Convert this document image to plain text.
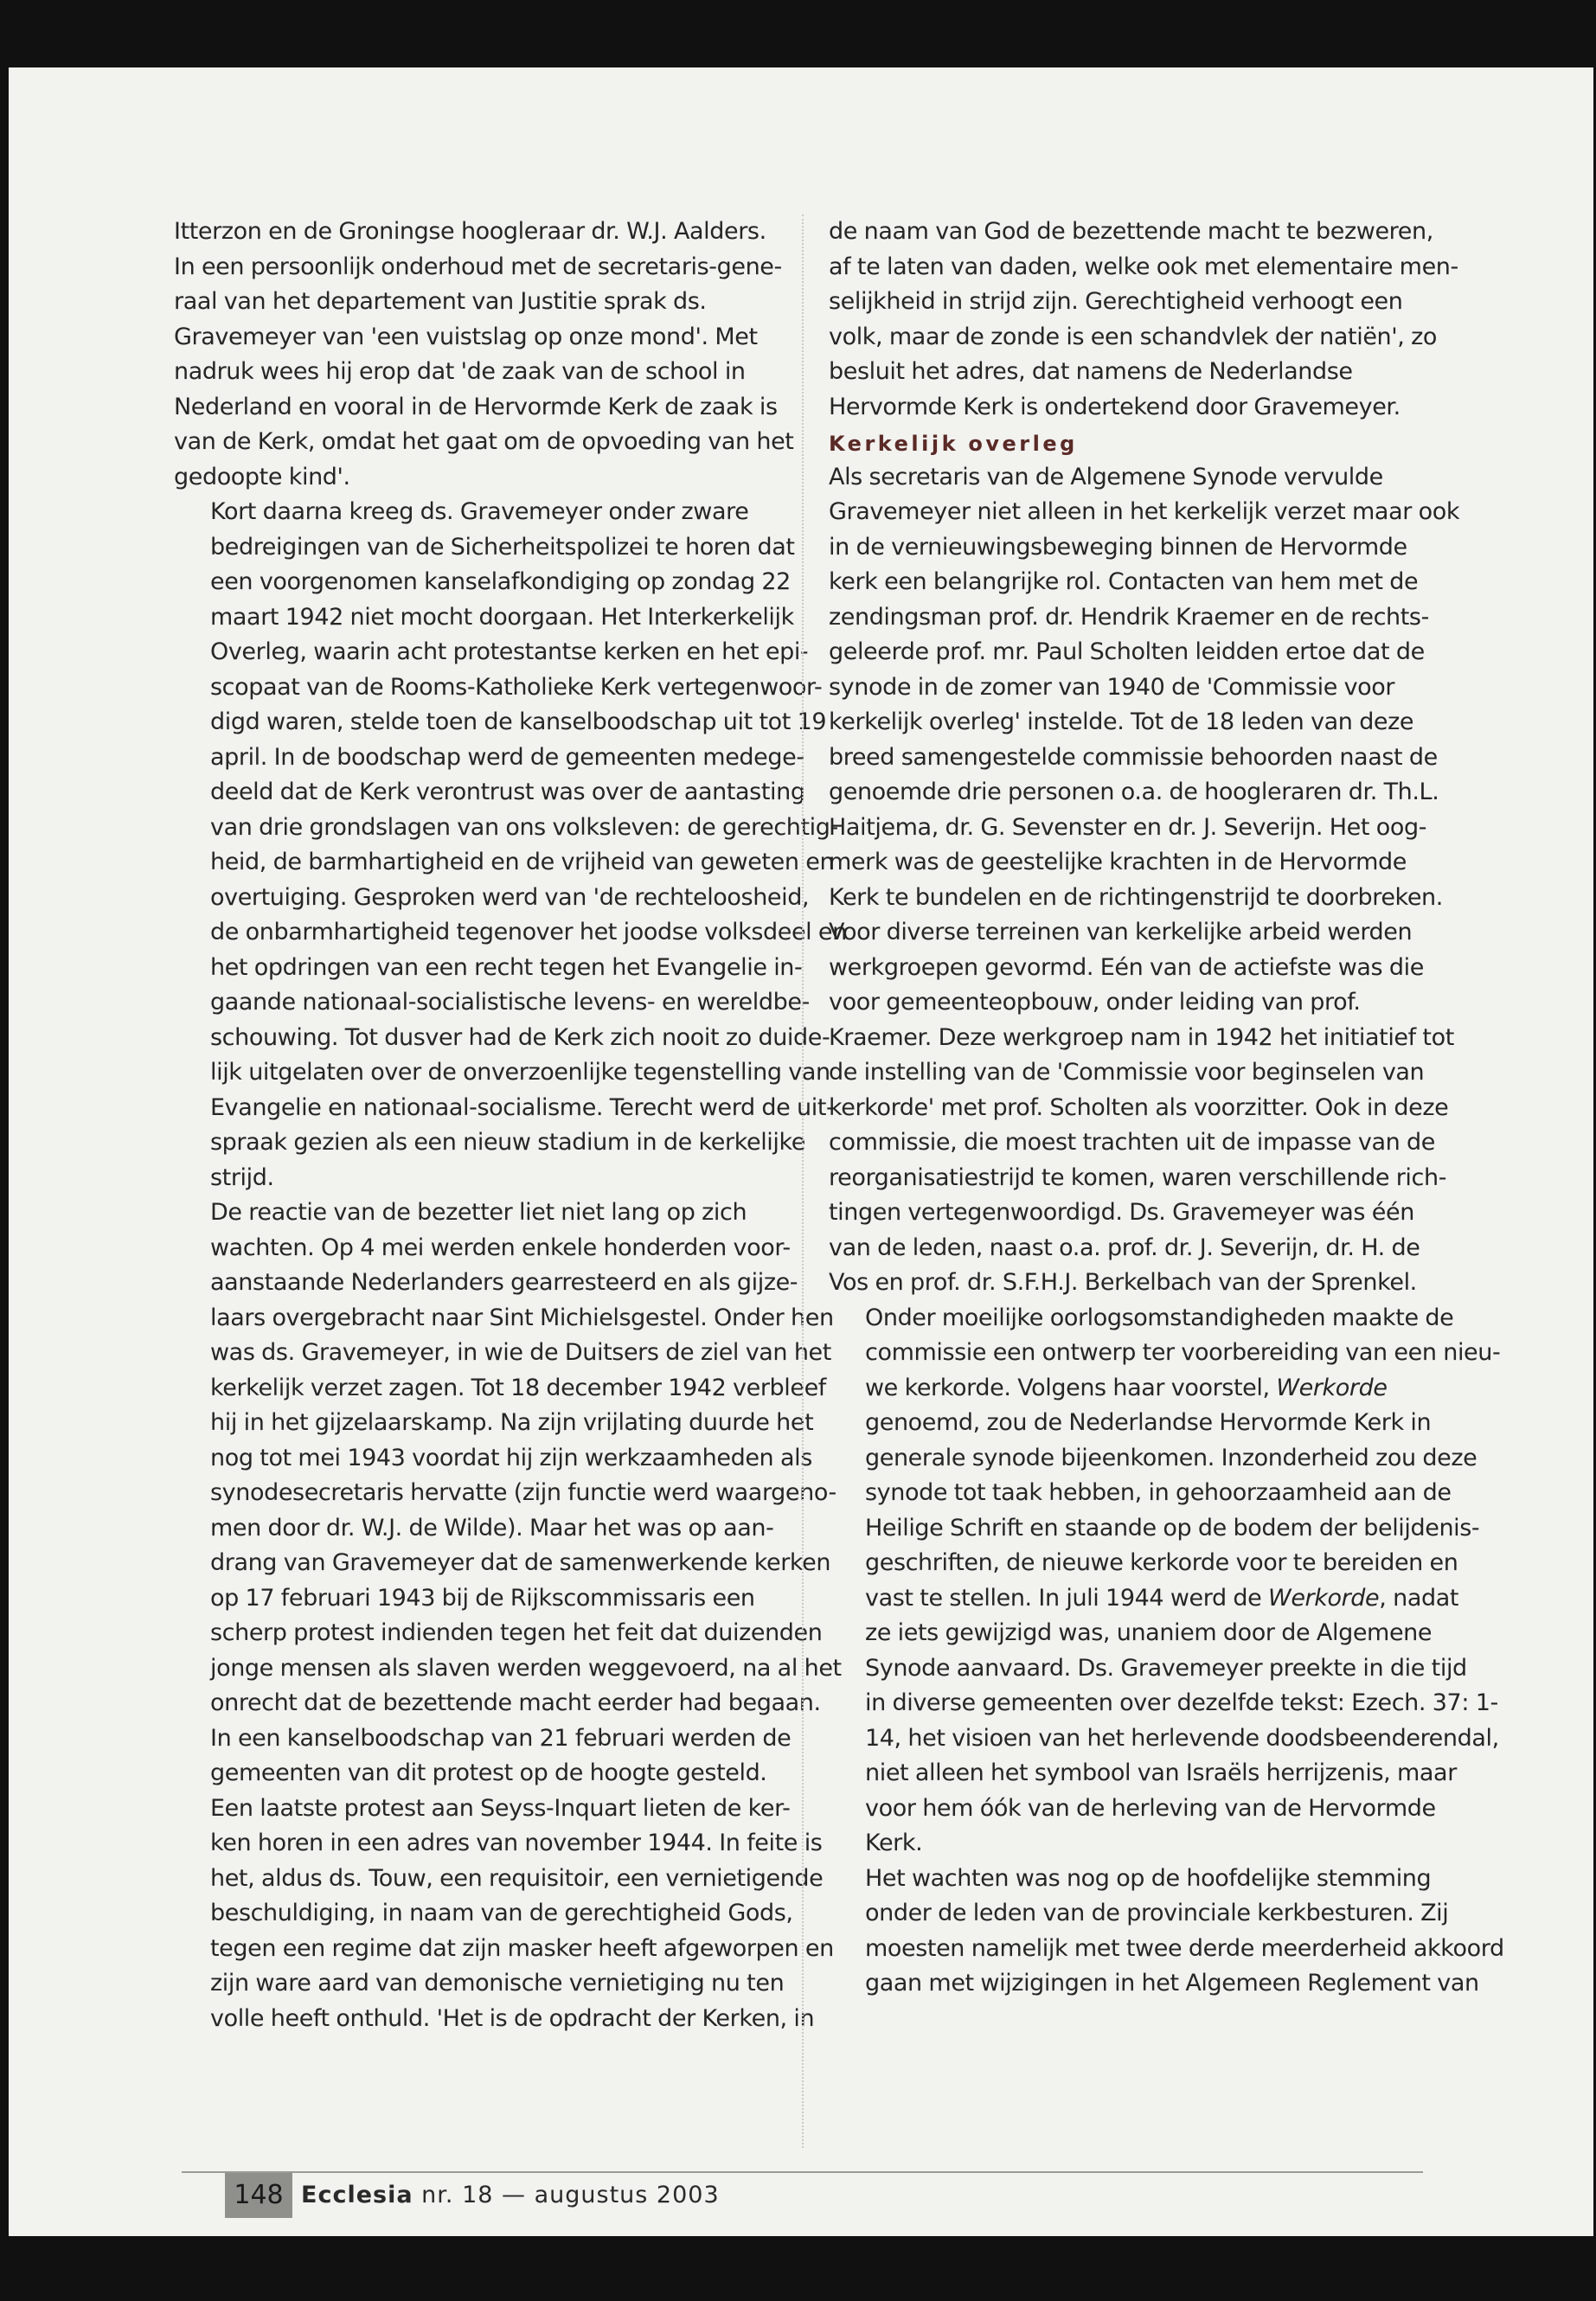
Itterzon en de Groningse hoogleraar dr. W.J. Aalders.
In een persoonlijk onderhoud met de secretaris-gene-
raal van het departement van Justitie sprak ds.
Gravemeyer van 'een vuistslag op onze mond'. Met
nadruk wees hij erop dat 'de zaak van de school in
Nederland en vooral in de Hervormde Kerk de zaak is
van de Kerk, omdat het gaat om de opvoeding van het
gedoopte kind'.

Kort daarna kreeg ds. Gravemeyer onder zware
bedreigingen van de Sicherheitspolizei te horen dat
een voorgenomen kanselafkondiging op zondag 22
maart 1942 niet mocht doorgaan. Het Interkerkelijk
Overleg, waarin acht protestantse kerken en het epi-
scopaat van de Rooms-Katholieke Kerk vertegenwoor-
digd waren, stelde toen de kanselboodschap uit tot 19
april. In de boodschap werd de gemeenten medege-
deeld dat de Kerk verontrust was over de aantasting
van drie grondslagen van ons volksleven: de gerechtig-
heid, de barmhartigheid en de vrijheid van geweten en
overtuiging. Gesproken werd van 'de rechteloosheid,
de onbarmhartigheid tegenover het joodse volksdeel en
het opdringen van een recht tegen het Evangelie in-
gaande nationaal-socialistische levens- en wereldbe-
schouwing. Tot dusver had de Kerk zich nooit zo duide-
lijk uitgelaten over de onverzoenlijke tegenstelling van
Evangelie en nationaal-socialisme. Terecht werd de uit-
spraak gezien als een nieuw stadium in de kerkelijke
strijd.

De reactie van de bezetter liet niet lang op zich
wachten. Op 4 mei werden enkele honderden voor-
aanstaande Nederlanders gearresteerd en als gijze-
laars overgebracht naar Sint Michielsgestel. Onder hen
was ds. Gravemeyer, in wie de Duitsers de ziel van het
kerkelijk verzet zagen. Tot 18 december 1942 verbleef
hij in het gijzelaarskamp. Na zijn vrijlating duurde het
nog tot mei 1943 voordat hij zijn werkzaamheden als
synodesecretaris hervatte (zijn functie werd waargeno-
men door dr. W.J. de Wilde). Maar het was op aan-
drang van Gravemeyer dat de samenwerkende kerken
op 17 februari 1943 bij de Rijkscommissaris een
scherp protest indienden tegen het feit dat duizenden
jonge mensen als slaven werden weggevoerd, na al het
onrecht dat de bezettende macht eerder had begaan.
In een kanselboodschap van 21 februari werden de
gemeenten van dit protest op de hoogte gesteld.

Een laatste protest aan Seyss-Inquart lieten de ker-
ken horen in een adres van november 1944. In feite is
het, aldus ds. Touw, een requisitoir, een vernietigende
beschuldiging, in naam van de gerechtigheid Gods,
tegen een regime dat zijn masker heeft afgeworpen en
zijn ware aard van demonische vernietiging nu ten
volle heeft onthuld. 'Het is de opdracht der Kerken, in

de naam van God de bezettende macht te bezweren,
af te laten van daden, welke ook met elementaire men-
selijkheid in strijd zijn. Gerechtigheid verhoogt een
volk, maar de zonde is een schandvlek der natiën', zo
besluit het adres, dat namens de Nederlandse
Hervormde Kerk is ondertekend door Gravemeyer.

Kerkelijk overleg

Als secretaris van de Algemene Synode vervulde
Gravemeyer niet alleen in het kerkelijk verzet maar ook
in de vernieuwingsbeweging binnen de Hervormde
kerk een belangrijke rol. Contacten van hem met de
zendingsman prof. dr. Hendrik Kraemer en de rechts-
geleerde prof. mr. Paul Scholten leidden ertoe dat de
synode in de zomer van 1940 de 'Commissie voor
kerkelijk overleg' instelde. Tot de 18 leden van deze
breed samengestelde commissie behoorden naast de
genoemde drie personen o.a. de hoogleraren dr. Th.L.
Haitjema, dr. G. Sevenster en dr. J. Severijn. Het oog-
merk was de geestelijke krachten in de Hervormde
Kerk te bundelen en de richtingenstrijd te doorbreken.
Voor diverse terreinen van kerkelijke arbeid werden
werkgroepen gevormd. Eén van de actiefste was die
voor gemeenteopbouw, onder leiding van prof.
Kraemer. Deze werkgroep nam in 1942 het initiatief tot
de instelling van de 'Commissie voor beginselen van
kerkorde' met prof. Scholten als voorzitter. Ook in deze
commissie, die moest trachten uit de impasse van de
reorganisatiestrijd te komen, waren verschillende rich-
tingen vertegenwoordigd. Ds. Gravemeyer was één
van de leden, naast o.a. prof. dr. J. Severijn, dr. H. de
Vos en prof. dr. S.F.H.J. Berkelbach van der Sprenkel.

Onder moeilijke oorlogsomstandigheden maakte de
commissie een ontwerp ter voorbereiding van een nieu-
we kerkorde. Volgens haar voorstel, Werkorde
genoemd, zou de Nederlandse Hervormde Kerk in
generale synode bijeenkomen. Inzonderheid zou deze
synode tot taak hebben, in gehoorzaamheid aan de
Heilige Schrift en staande op de bodem der belijdenis-
geschriften, de nieuwe kerkorde voor te bereiden en
vast te stellen. In juli 1944 werd de Werkorde, nadat
ze iets gewijzigd was, unaniem door de Algemene
Synode aanvaard. Ds. Gravemeyer preekte in die tijd
in diverse gemeenten over dezelfde tekst: Ezech. 37: 1-
14, het visioen van het herlevende doodsbeenderendal,
niet alleen het symbool van Israëls herrijzenis, maar
voor hem óók van de herleving van de Hervormde
Kerk.

Het wachten was nog op de hoofdelijke stemming
onder de leden van de provinciale kerkbesturen. Zij
moesten namelijk met twee derde meerderheid akkoord
gaan met wijzigingen in het Algemeen Reglement van

148 Ecclesia nr. 18 — augustus 2003
